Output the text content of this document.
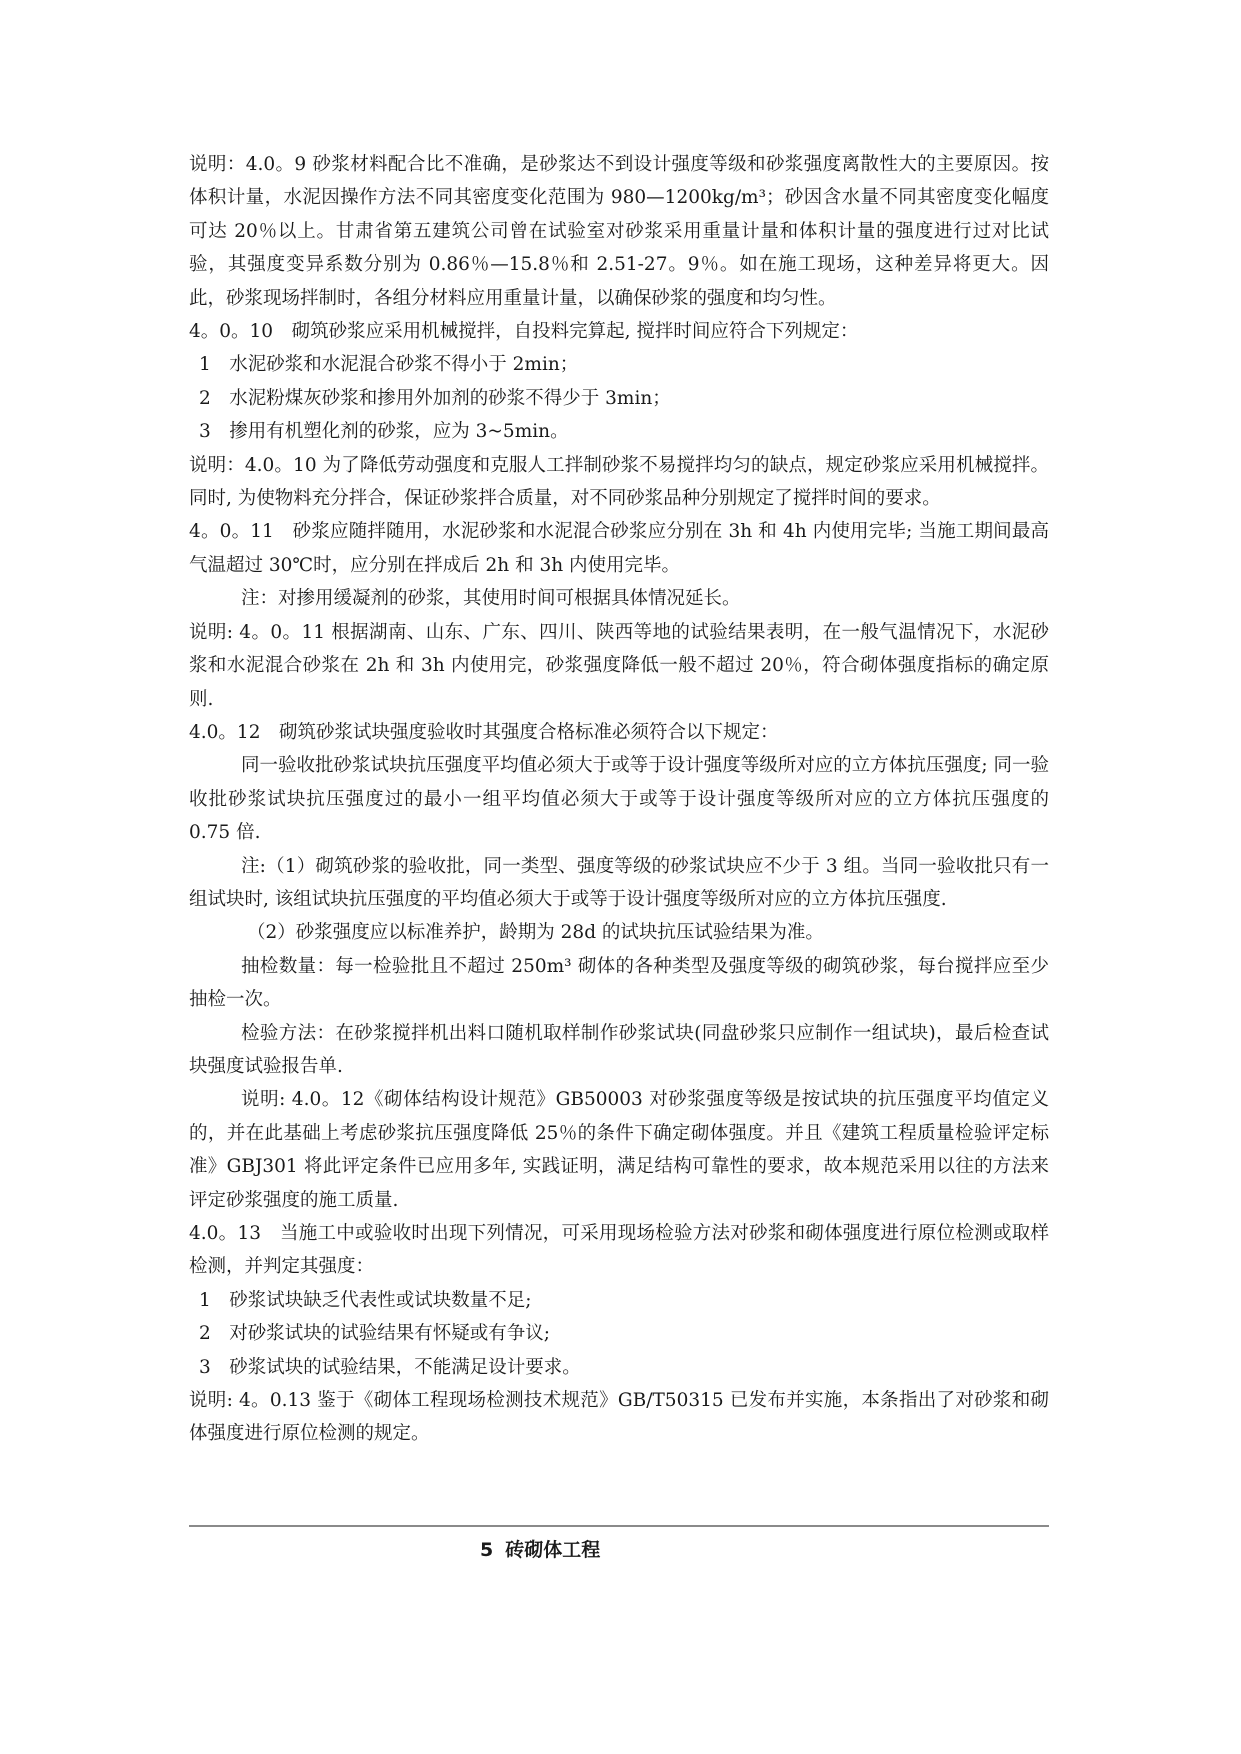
说明：4.0。9 砂浆材料配合比不准确，是砂浆达不到设计强度等级和砂浆强度离散性大的主要原因。按体积计量，水泥因操作方法不同其密度变化范围为 980—1200kg/m³；砂因含水量不同其密度变化幅度可达 20％以上。甘肃省第五建筑公司曾在试验室对砂浆采用重量计量和体积计量的强度进行过对比试验，其强度变异系数分别为 0.86％—15.8％和 2.51-27。9％。如在施工现场，这种差异将更大。因此，砂浆现场拌制时，各组分材料应用重量计量，以确保砂浆的强度和均匀性。

4。0。10　砌筑砂浆应采用机械搅拌，自投料完算起, 搅拌时间应符合下列规定：

1　水泥砂浆和水泥混合砂浆不得小于 2min；

2　水泥粉煤灰砂浆和掺用外加剂的砂浆不得少于 3min；

3　掺用有机塑化剂的砂浆，应为 3~5min。

说明：4.0。10 为了降低劳动强度和克服人工拌制砂浆不易搅拌均匀的缺点，规定砂浆应采用机械搅拌。同时, 为使物料充分拌合，保证砂浆拌合质量，对不同砂浆品种分别规定了搅拌时间的要求。

4。0。11　砂浆应随拌随用，水泥砂浆和水泥混合砂浆应分别在 3h 和 4h 内使用完毕; 当施工期间最高气温超过 30℃时，应分别在拌成后 2h 和 3h 内使用完毕。

注：对掺用缓凝剂的砂浆，其使用时间可根据具体情况延长。

说明: 4。0。11 根据湖南、山东、广东、四川、陕西等地的试验结果表明，在一般气温情况下，水泥砂浆和水泥混合砂浆在 2h 和 3h 内使用完，砂浆强度降低一般不超过 20％，符合砌体强度指标的确定原则.

4.0。12　砌筑砂浆试块强度验收时其强度合格标准必须符合以下规定：

同一验收批砂浆试块抗压强度平均值必须大于或等于设计强度等级所对应的立方体抗压强度; 同一验收批砂浆试块抗压强度过的最小一组平均值必须大于或等于设计强度等级所对应的立方体抗压强度的 0.75 倍.

注:（1）砌筑砂浆的验收批，同一类型、强度等级的砂浆试块应不少于 3 组。当同一验收批只有一组试块时, 该组试块抗压强度的平均值必须大于或等于设计强度等级所对应的立方体抗压强度.

（2）砂浆强度应以标准养护，龄期为 28d 的试块抗压试验结果为准。

抽检数量：每一检验批且不超过 250m³ 砌体的各种类型及强度等级的砌筑砂浆，每台搅拌应至少抽检一次。

检验方法：在砂浆搅拌机出料口随机取样制作砂浆试块(同盘砂浆只应制作一组试块)，最后检查试块强度试验报告单.

说明: 4.0。12《砌体结构设计规范》GB50003 对砂浆强度等级是按试块的抗压强度平均值定义的，并在此基础上考虑砂浆抗压强度降低 25％的条件下确定砌体强度。并且《建筑工程质量检验评定标准》GBJ301 将此评定条件已应用多年, 实践证明，满足结构可靠性的要求，故本规范采用以往的方法来评定砂浆强度的施工质量.

4.0。13　当施工中或验收时出现下列情况，可采用现场检验方法对砂浆和砌体强度进行原位检测或取样检测，并判定其强度：

1　砂浆试块缺乏代表性或试块数量不足;

2　对砂浆试块的试验结果有怀疑或有争议;

3　砂浆试块的试验结果，不能满足设计要求。

说明: 4。0.13 鉴于《砌体工程现场检测技术规范》GB/T50315 已发布并实施，本条指出了对砂浆和砌体强度进行原位检测的规定。

5 砖砌体工程
